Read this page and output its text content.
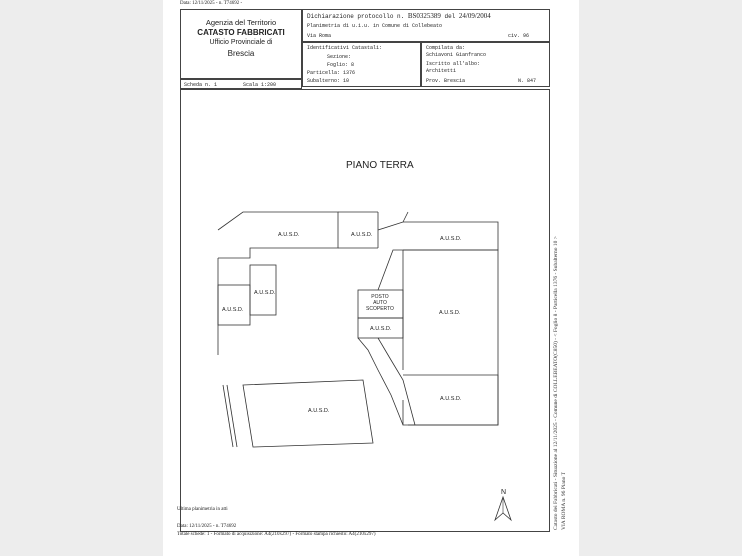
Data: 12/11/2025 - n. T74692 -
Agenzia del Territorio
CATASTO FABBRICATI
Ufficio Provinciale di
Brescia
Dichiarazione protocollo n. BS0325389 del 24/09/2004
Planimetria di u.i.u. in Comune di Collebeato
Via Roma	civ. 96
Identificativi Catastali:
Sezione:
Foglio: 8
Particella: 1376
Subalterno: 10
Compilata da:
Schiavoni Gianfranco
Iscritto all'albo:
Architetti
Prov. Brescia	N. 847
Scheda n. 1	Scala 1:200
PIANO TERRA
A.U.S.D.	A.U.S.D.
A.U.S.D.
A.U.S.D.
A.U.S.D.	A.U.S.D.
A.U.S.D.
A.U.S.D.
A.U.S.D.
POSTO
AUTO
SCOPERTO
N
Ultima planimetria in atti
Data: 12/11/2025 - n. T74692
Totale schede: 1 - Formato di acquisizione: A4(210x297) - Formato stampa richiesto: A4(210x297)
Catasto dei Fabbricati - Situazione al 12/11/2025 - Comune di COLLEBEATO(C850) - < Foglio 8 - Particella 1376 - Subalterno 10 > VIA ROMA n. 96 Piano T
